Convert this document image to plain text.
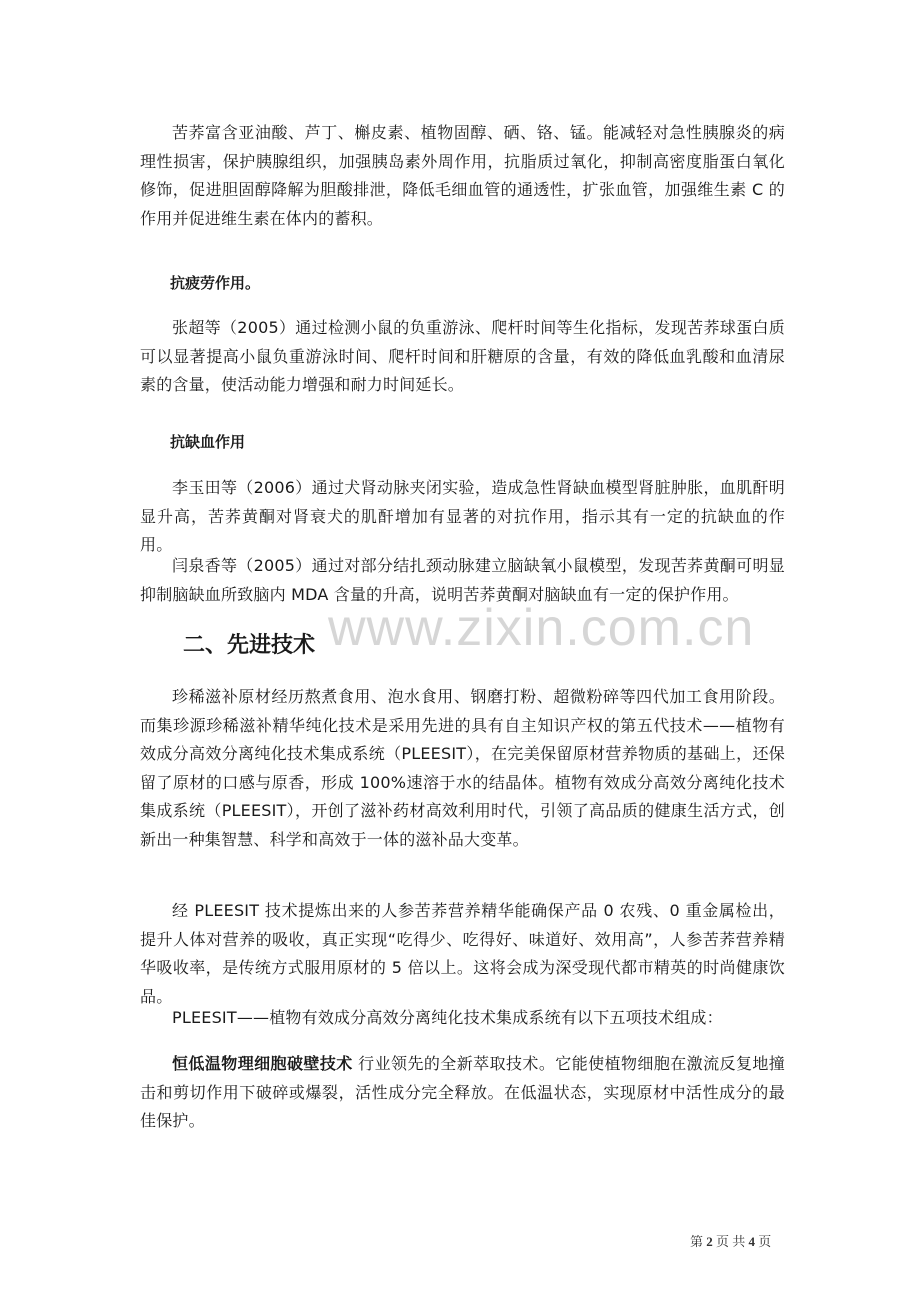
苦荞富含亚油酸、芦丁、槲皮素、植物固醇、硒、铬、锰。能减轻对急性胰腺炎的病理性损害，保护胰腺组织，加强胰岛素外周作用，抗脂质过氧化，抑制高密度脂蛋白氧化修饰，促进胆固醇降解为胆酸排泄，降低毛细血管的通透性，扩张血管，加强维生素 C 的作用并促进维生素在体内的蓄积。
抗疲劳作用。
张超等（2005）通过检测小鼠的负重游泳、爬杆时间等生化指标，发现苦荞球蛋白质可以显著提高小鼠负重游泳时间、爬杆时间和肝糖原的含量，有效的降低血乳酸和血清尿素的含量，使活动能力增强和耐力时间延长。
抗缺血作用
李玉田等（2006）通过犬肾动脉夹闭实验，造成急性肾缺血模型肾脏肿胀，血肌酐明显升高，苦荞黄酮对肾衰犬的肌酐增加有显著的对抗作用，指示其有一定的抗缺血的作用。
闫泉香等（2005）通过对部分结扎颈动脉建立脑缺氧小鼠模型，发现苦荞黄酮可明显抑制脑缺血所致脑内 MDA 含量的升高，说明苦荞黄酮对脑缺血有一定的保护作用。
www.zixin.com.cn
二、先进技术
珍稀滋补原材经历熬煮食用、泡水食用、钢磨打粉、超微粉碎等四代加工食用阶段。而集珍源珍稀滋补精华纯化技术是采用先进的具有自主知识产权的第五代技术——植物有效成分高效分离纯化技术集成系统（PLEESIT），在完美保留原材营养物质的基础上，还保留了原材的口感与原香，形成 100%速溶于水的结晶体。植物有效成分高效分离纯化技术集成系统（PLEESIT），开创了滋补药材高效利用时代，引领了高品质的健康生活方式，创新出一种集智慧、科学和高效于一体的滋补品大变革。
经 PLEESIT 技术提炼出来的人参苦荞营养精华能确保产品 0 农残、0 重金属检出，提升人体对营养的吸收，真正实现“吃得少、吃得好、味道好、效用高”，人参苦荞营养精华吸收率，是传统方式服用原材的 5 倍以上。这将会成为深受现代都市精英的时尚健康饮品。
PLEESIT——植物有效成分高效分离纯化技术集成系统有以下五项技术组成：
恒低温物理细胞破壁技术 行业领先的全新萃取技术。它能使植物细胞在激流反复地撞击和剪切作用下破碎或爆裂，活性成分完全释放。在低温状态，实现原材中活性成分的最佳保护。
第 2 页 共 4 页
